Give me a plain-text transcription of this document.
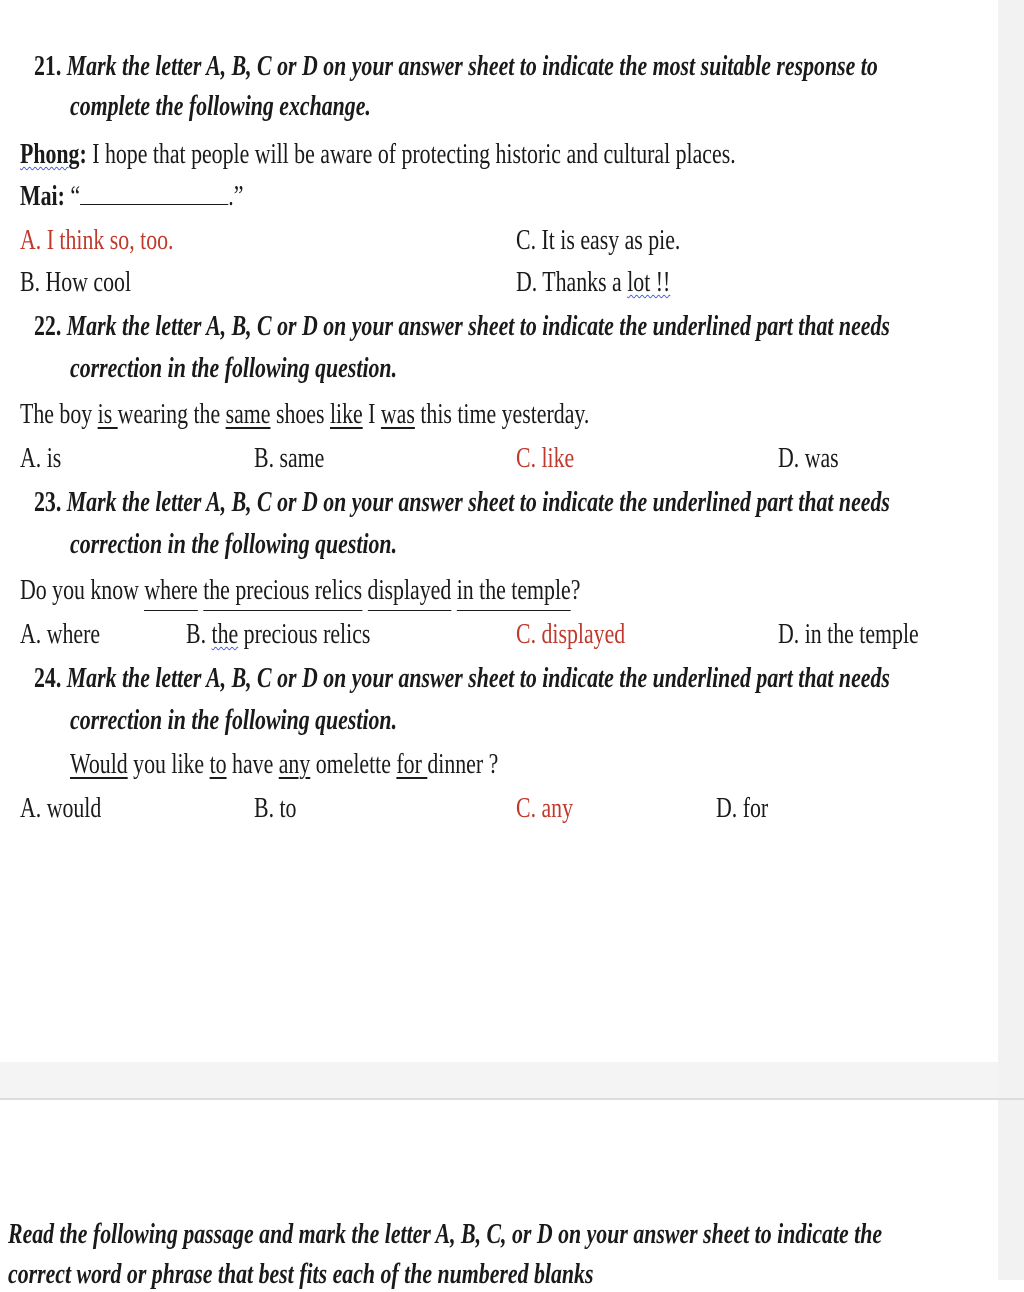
21. Mark the letter A, B, C or D on your answer sheet to indicate the most suitable response to
complete the following exchange.
Phong: I hope that people will be aware of protecting historic and cultural places.
Mai: “	.”
A. I think so, too.	C. It is easy as pie.
B. How cool	D. Thanks a lot !!
22. Mark the letter A, B, C or D on your answer sheet to indicate the underlined part that needs
correction in the following question.
The boy is wearing the same shoes like I was this time yesterday.
A. is	B. same	C. like	D. was
23. Mark the letter A, B, C or D on your answer sheet to indicate the underlined part that needs
correction in the following question.
Do you know where the precious relics displayed in the temple?
A. where	B. the precious relics	C. displayed	D. in the temple
24. Mark the letter A, B, C or D on your answer sheet to indicate the underlined part that needs
correction in the following question.
Would you like to have any omelette for dinner ?
A. would	B. to	C. any	D. for
Read the following passage and mark the letter A, B, C, or D on your answer sheet to indicate the
correct word or phrase that best fits each of the numbered blanks
